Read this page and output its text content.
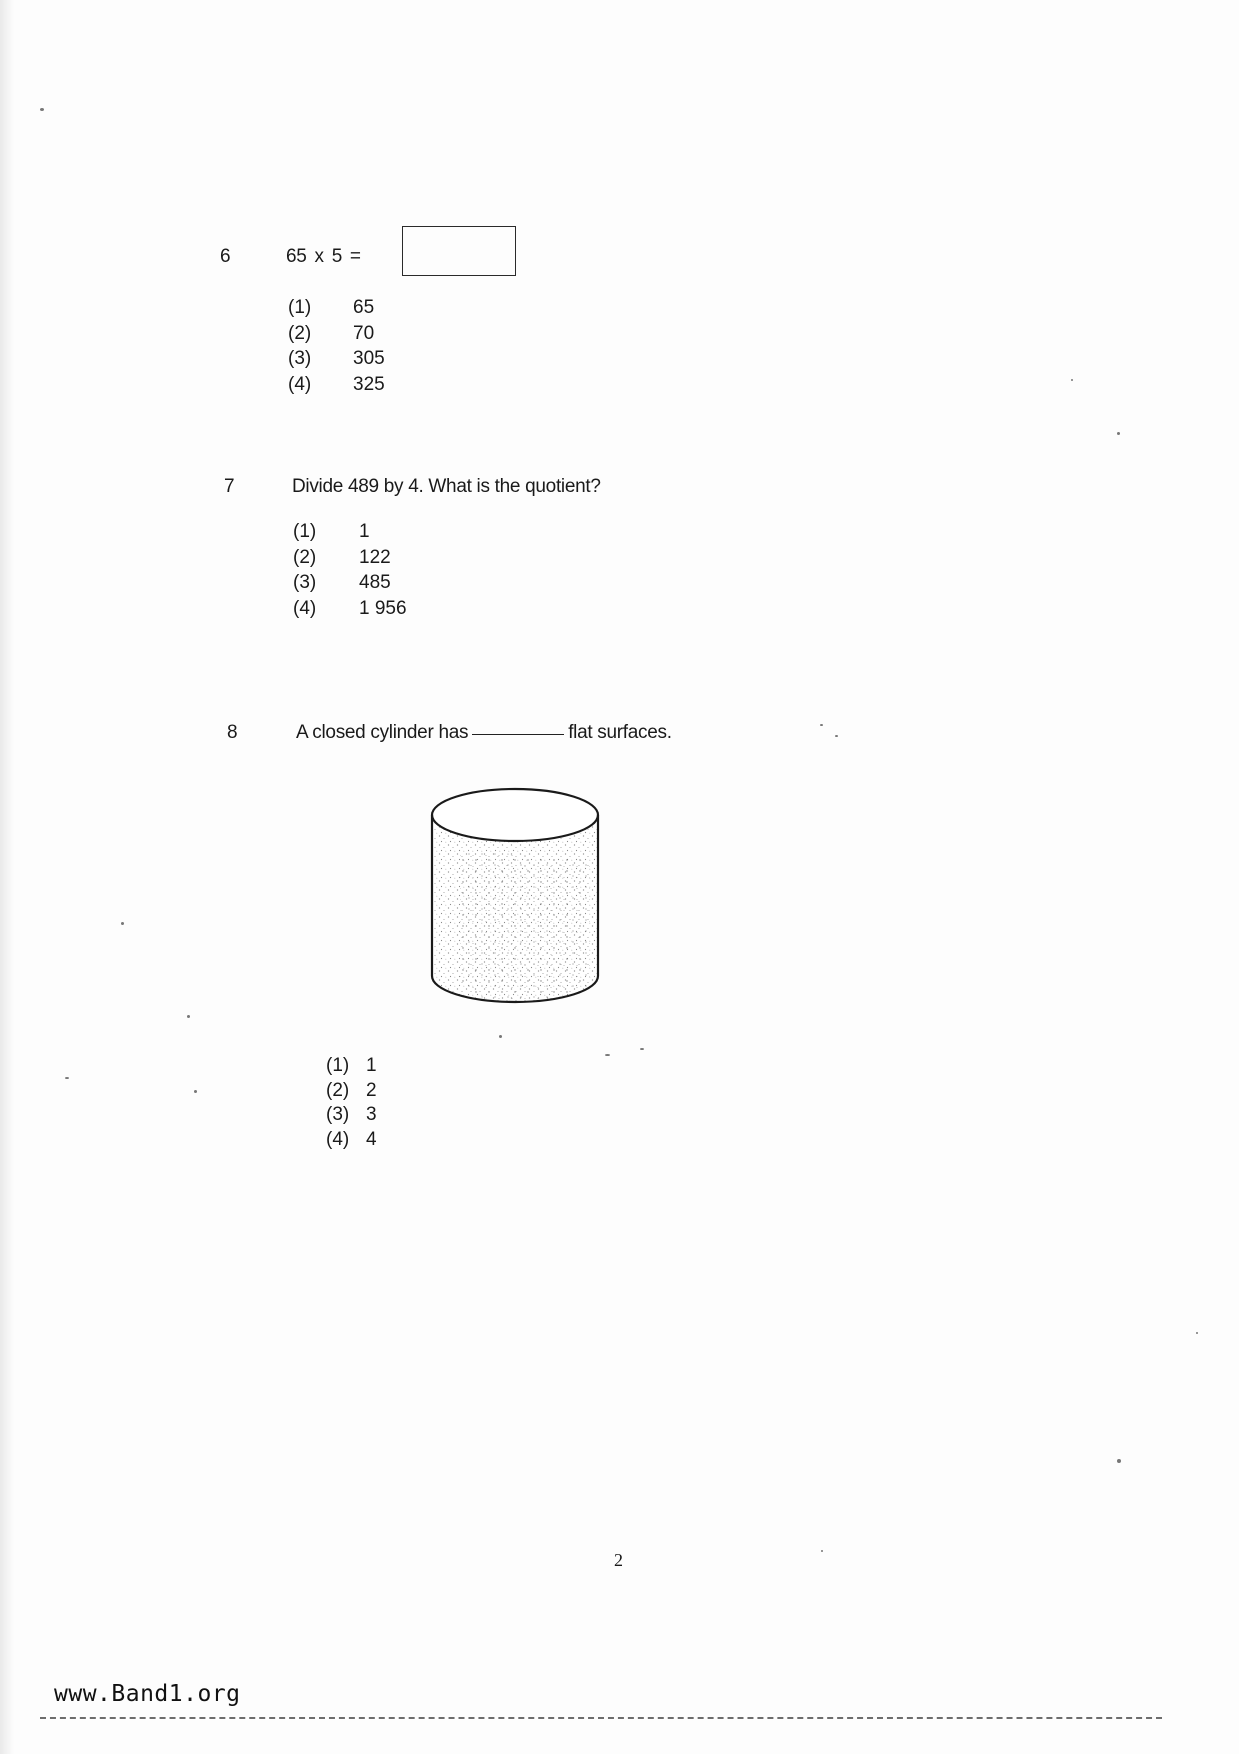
6	65 x 5 =
(1) 65
(2) 70
(3) 305
(4) 325
7	Divide 489 by 4. What is the quotient?
(1) 1
(2) 122
(3) 485
(4) 1 956
8	A closed cylinder has	flat surfaces.
(1) 1
(2) 2
(3) 3
(4) 4
2
www.Band1.org
